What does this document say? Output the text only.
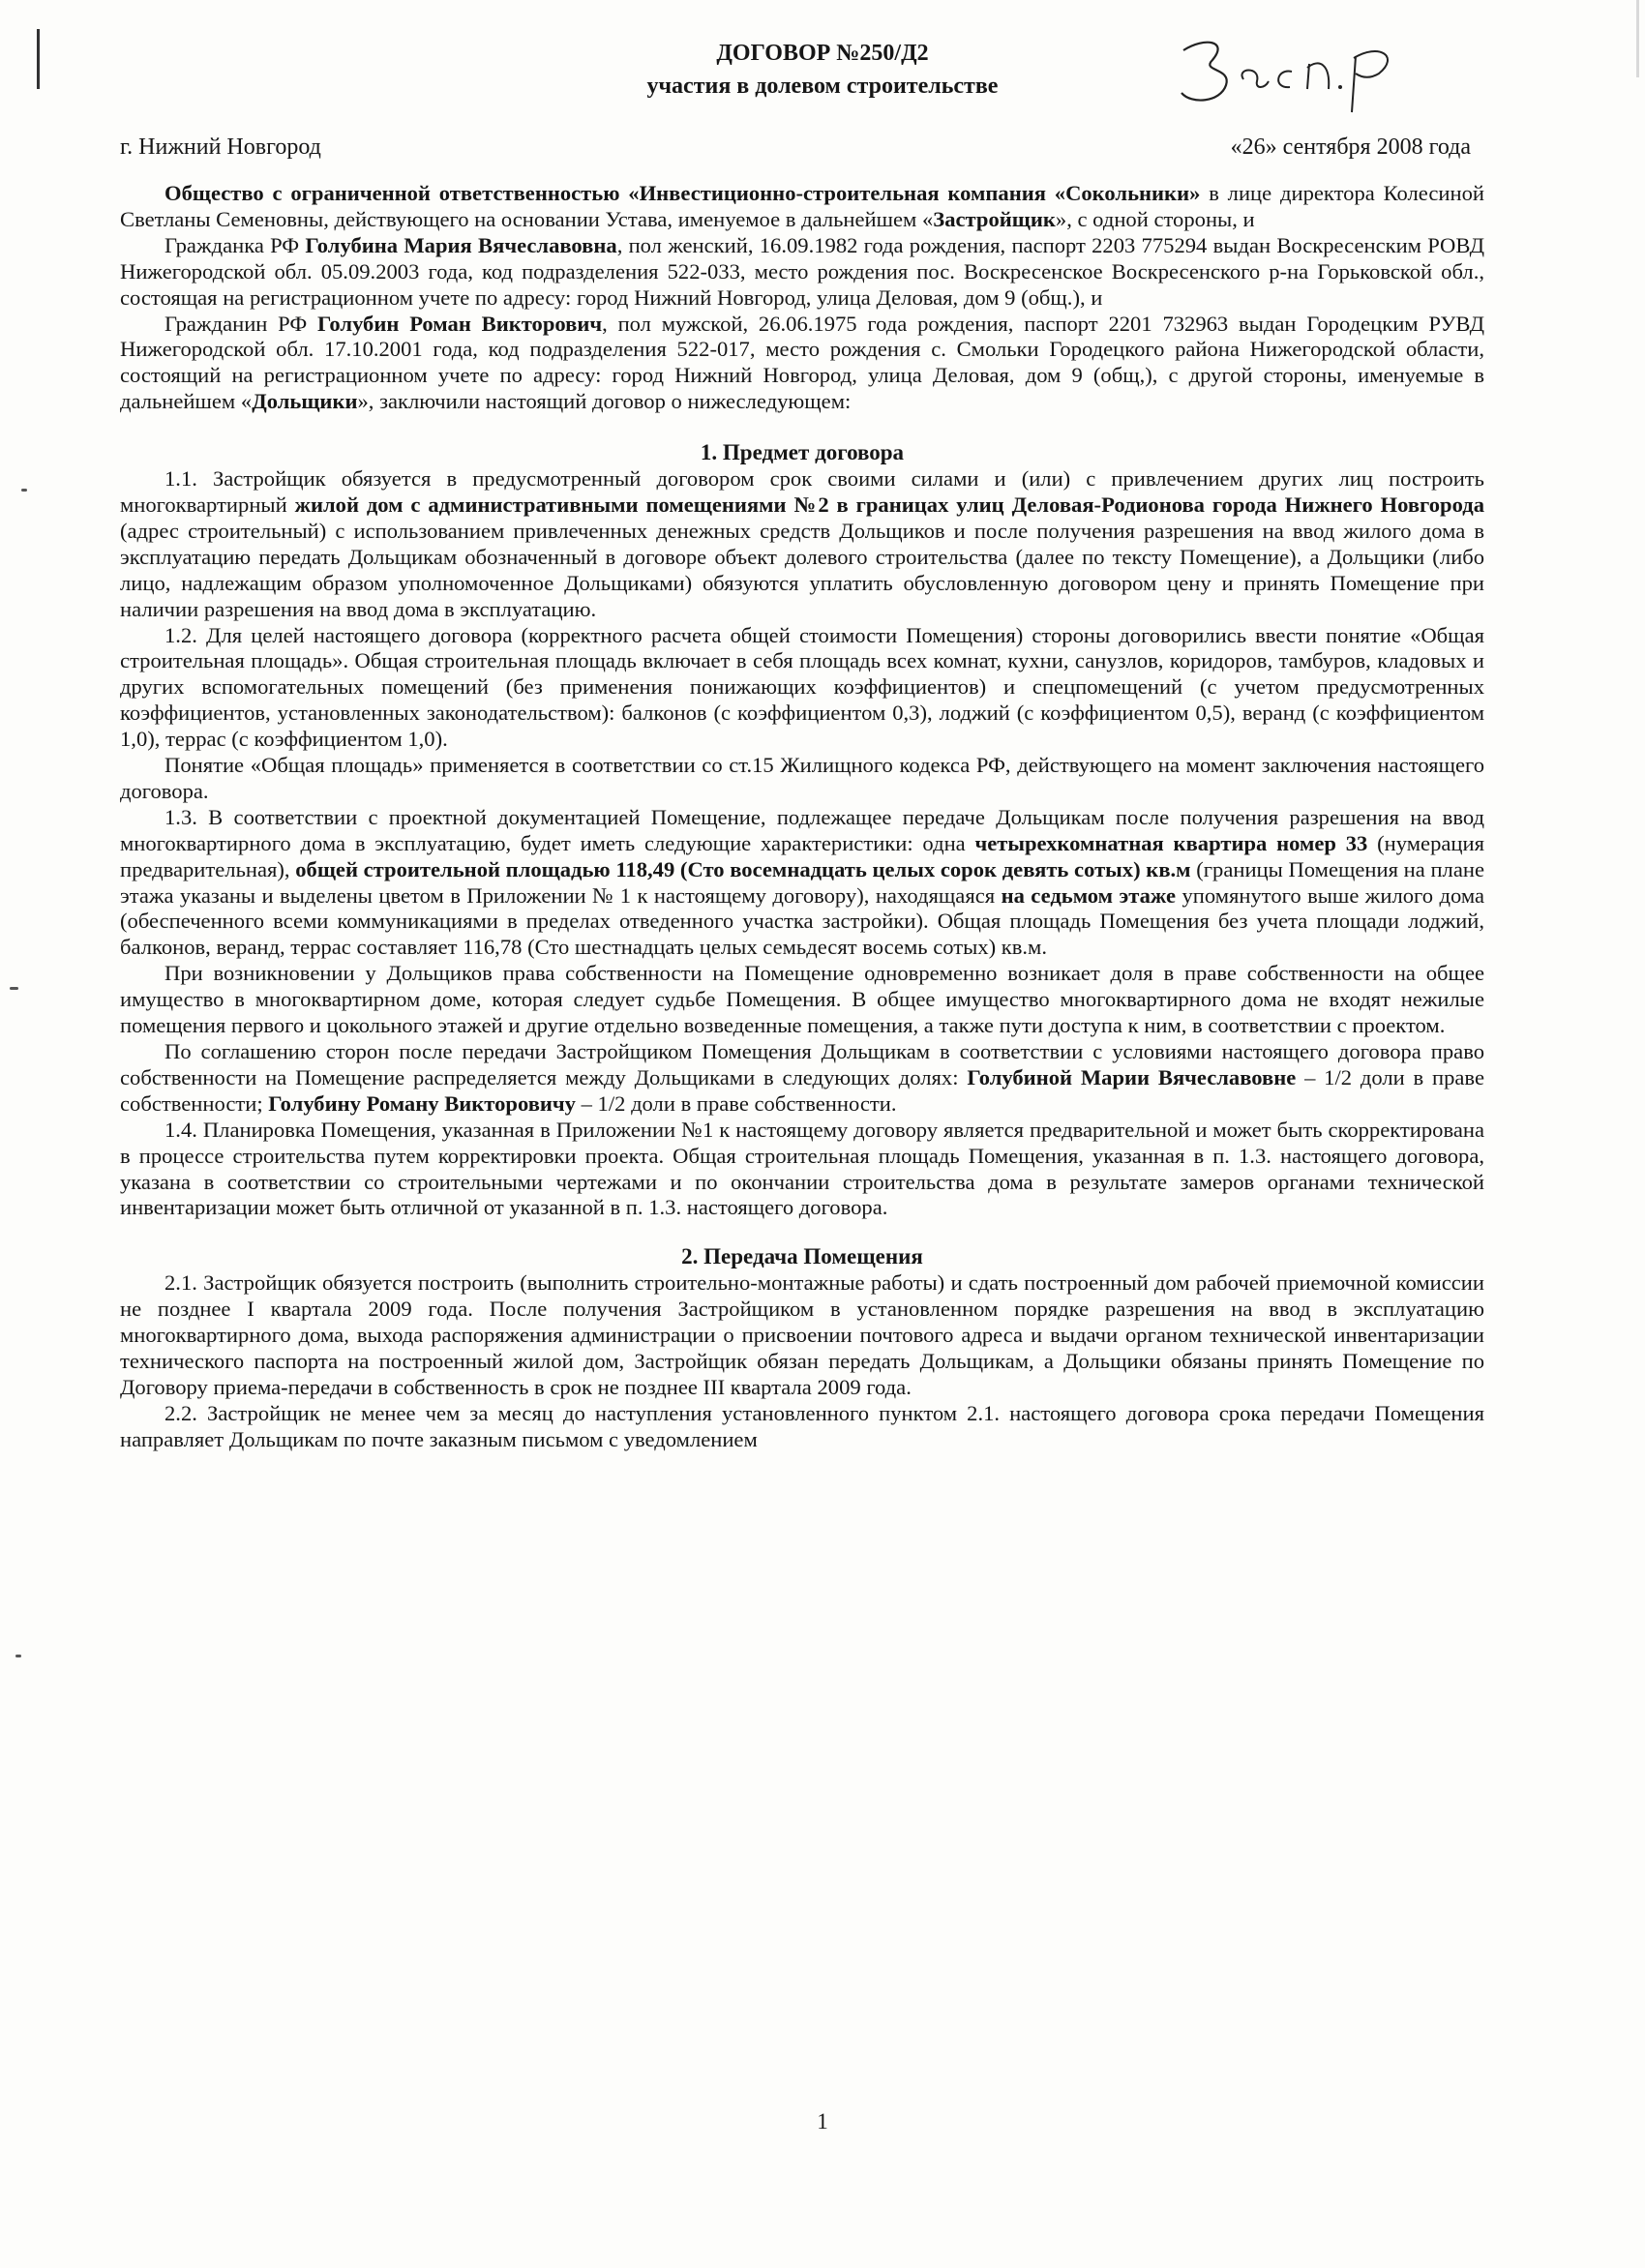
ДОГОВОР №250/Д2
участия в долевом строительстве
г. Нижний Новгород	«26» сентября 2008 года

Общество с ограниченной ответственностью «Инвестиционно-строительная компания «Сокольники» в лице директора Колесиной Светланы Семеновны, действующего на основании Устава, именуемое в дальнейшем «Застройщик», с одной стороны, и

Гражданка РФ Голубина Мария Вячеславовна, пол женский, 16.09.1982 года рождения, паспорт 2203 775294 выдан Воскресенским РОВД Нижегородской обл. 05.09.2003 года, код подразделения 522-033, место рождения пос. Воскресенское Воскресенского р-на Горьковской обл., состоящая на регистрационном учете по адресу: город Нижний Новгород, улица Деловая, дом 9 (общ.), и

Гражданин РФ Голубин Роман Викторович, пол мужской, 26.06.1975 года рождения, паспорт 2201 732963 выдан Городецким РУВД Нижегородской обл. 17.10.2001 года, код подразделения 522-017, место рождения с. Смольки Городецкого района Нижегородской области, состоящий на регистрационном учете по адресу: город Нижний Новгород, улица Деловая, дом 9 (общ,), с другой стороны, именуемые в дальнейшем «Дольщики», заключили настоящий договор о нижеследующем:

1. Предмет договора

1.1. Застройщик обязуется в предусмотренный договором срок своими силами и (или) с привлечением других лиц построить многоквартирный жилой дом с административными помещениями №2 в границах улиц Деловая-Родионова города Нижнего Новгорода (адрес строительный) с использованием привлеченных денежных средств Дольщиков и после получения разрешения на ввод жилого дома в эксплуатацию передать Дольщикам обозначенный в договоре объект долевого строительства (далее по тексту Помещение), а Дольщики (либо лицо, надлежащим образом уполномоченное Дольщиками) обязуются уплатить обусловленную договором цену и принять Помещение при наличии разрешения на ввод дома в эксплуатацию.

1.2. Для целей настоящего договора (корректного расчета общей стоимости Помещения) стороны договорились ввести понятие «Общая строительная площадь». Общая строительная площадь включает в себя площадь всех комнат, кухни, санузлов, коридоров, тамбуров, кладовых и других вспомогательных помещений (без применения понижающих коэффициентов) и спецпомещений (с учетом предусмотренных коэффициентов, установленных законодательством): балконов (с коэффициентом 0,3), лоджий (с коэффициентом 0,5), веранд (с коэффициентом 1,0), террас (с коэффициентом 1,0).

Понятие «Общая площадь» применяется в соответствии со ст.15 Жилищного кодекса РФ, действующего на момент заключения настоящего договора.

1.3. В соответствии с проектной документацией Помещение, подлежащее передаче Дольщикам после получения разрешения на ввод многоквартирного дома в эксплуатацию, будет иметь следующие характеристики: одна четырехкомнатная квартира номер 33 (нумерация предварительная), общей строительной площадью 118,49 (Сто восемнадцать целых сорок девять сотых) кв.м (границы Помещения на плане этажа указаны и выделены цветом в Приложении № 1 к настоящему договору), находящаяся на седьмом этаже упомянутого выше жилого дома (обеспеченного всеми коммуникациями в пределах отведенного участка застройки). Общая площадь Помещения без учета площади лоджий, балконов, веранд, террас составляет 116,78 (Сто шестнадцать целых семьдесят восемь сотых) кв.м.

При возникновении у Дольщиков права собственности на Помещение одновременно возникает доля в праве собственности на общее имущество в многоквартирном доме, которая следует судьбе Помещения. В общее имущество многоквартирного дома не входят нежилые помещения первого и цокольного этажей и другие отдельно возведенные помещения, а также пути доступа к ним, в соответствии с проектом.

По соглашению сторон после передачи Застройщиком Помещения Дольщикам в соответствии с условиями настоящего договора право собственности на Помещение распределяется между Дольщиками в следующих долях: Голубиной Марии Вячеславовне – 1/2 доли в праве собственности; Голубину Роману Викторовичу – 1/2 доли в праве собственности.

1.4. Планировка Помещения, указанная в Приложении №1 к настоящему договору является предварительной и может быть скорректирована в процессе строительства путем корректировки проекта. Общая строительная площадь Помещения, указанная в п. 1.3. настоящего договора, указана в соответствии со строительными чертежами и по окончании строительства дома в результате замеров органами технической инвентаризации может быть отличной от указанной в п. 1.3. настоящего договора.

2. Передача Помещения

2.1. Застройщик обязуется построить (выполнить строительно-монтажные работы) и сдать построенный дом рабочей приемочной комиссии не позднее I квартала 2009 года. После получения Застройщиком в установленном порядке разрешения на ввод в эксплуатацию многоквартирного дома, выхода распоряжения администрации о присвоении почтового адреса и выдачи органом технической инвентаризации технического паспорта на построенный жилой дом, Застройщик обязан передать Дольщикам, а Дольщики обязаны принять Помещение по Договору приема-передачи в собственность в срок не позднее III квартала 2009 года.

2.2. Застройщик не менее чем за месяц до наступления установленного пунктом 2.1. настоящего договора срока передачи Помещения направляет Дольщикам по почте заказным письмом с уведомлением

1
